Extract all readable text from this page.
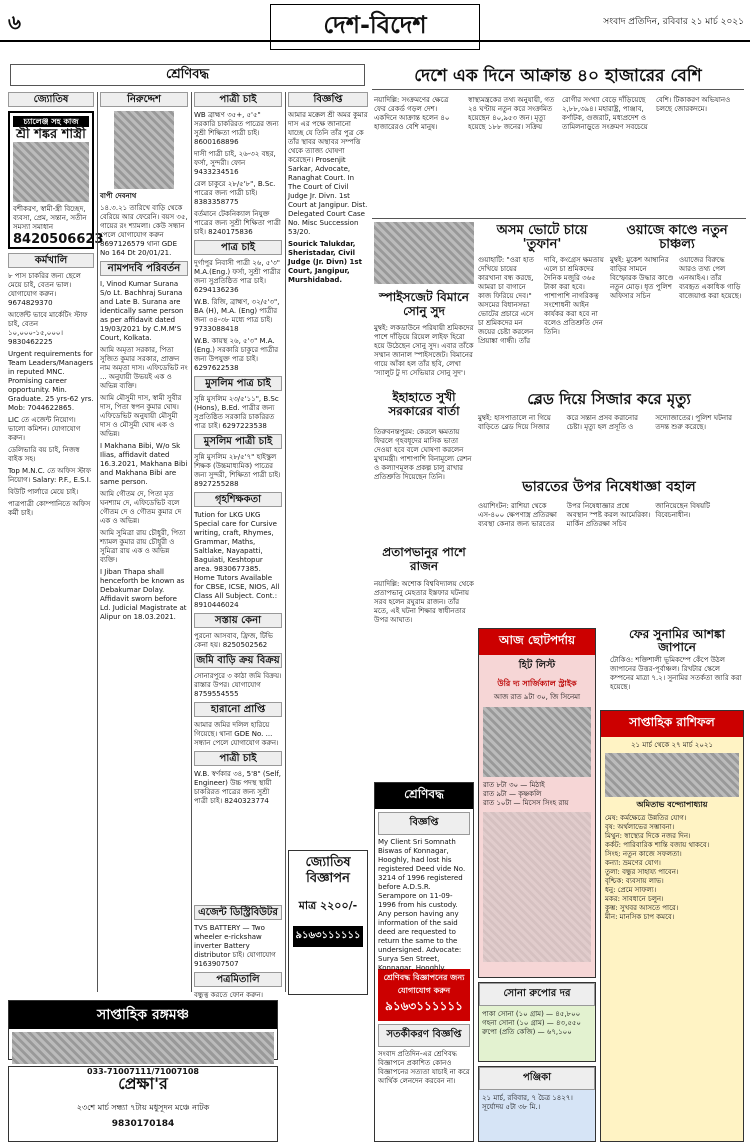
৬	দেশ-বিদেশ	সংবাদ প্রতিদিন, রবিবার ২১ মার্চ ২০২১
শ্রেণিবদ্ধ
জ্যোতিষ
চ্যালেঞ্জ সহ কাজ
শ্রী শঙ্কর শাস্ত্রী
বশীকরণ, স্বামী-স্ত্রী বিচ্ছেদ, ব্যবসা, প্রেম, সন্তান, সতীন সমস্যা সমাধান
8420506623
কর্মখালি

৮ পাস চাকরির জন্য ছেলে মেয়ে চাই, বেতন ভাল। যোগাযোগ করুন। 9674829370

আর্জেন্ট ভাবে মার্কেটিং স্টাফ চাই, বেতন ১০,০০০-১৫,০০০। 9830462225

Urgent requirements for Team Leaders/Managers in reputed MNC. Promising career opportunity. Min. Graduate. 25 yrs-62 yrs. Mob: 7044622865.

LIC তে এজেন্ট নিয়োগ। ভালো কমিশন। যোগাযোগ করুন।

ডেলিভারি বয় চাই, নিজস্ব বাইক সহ।

Top M.N.C. তে অফিস স্টাফ নিয়োগ। Salary: P.F., E.S.I.

বিউটি পার্লারে মেয়ে চাই।

পাত্রপাত্রী কোম্পানিতে অফিস কর্মী চাই।

নিরুদ্দেশ

বাপী দেবনাথ

১৪.৩.২১ তারিখে বাড়ি থেকে বেরিয়ে আর ফেরেনি। বয়স ৩৫, গায়ের রং শ্যামলা। কেউ সন্ধান পেলে যোগাযোগ করুন 8697126579 থানা GDE No 164 Dt 20/01/21.

নামপদবি পরিবর্তন

I, Vinod Kumar Surana S/o Lt. Bachhraj Surana and Late B. Surana are identically same person as per affidavit dated 19/03/2021 by C.M.M'S Court, Kolkata.

আমি অমৃতা সরকার, পিতা সুজিত কুমার সরকার, প্রাক্তন নাম অমৃতা দাস। এফিডেভিট নং ... অনুযায়ী উভয়ই এক ও অভিন্ন ব্যক্তি।

আমি মৌসুমী দাস, স্বামী সুবীর দাস, পিতা স্বপন কুমার ঘোষ। এফিডেভিট অনুযায়ী মৌসুমী দাস ও মৌসুমী ঘোষ এক ও অভিন্ন।

I Makhana Bibi, W/o Sk Ilias, affidavit dated 16.3.2021, Makhana Bibi and Makhana Bibi are same person.

আমি গৌতম দে, পিতা মৃত ঘনশ্যাম দে, এফিডেভিট বলে গৌতম দে ও গৌতম কুমার দে এক ও অভিন্ন।

আমি সুমিত্রা রায় চৌধুরী, পিতা শ্যামল কুমার রায় চৌধুরী ও সুমিত্রা রায় এক ও অভিন্ন ব্যক্তি।

I Jiban Thapa shall henceforth be known as Debakumar Dolay. Affidavit sworn before Ld. Judicial Magistrate at Alipur on 18.03.2021.

পাত্রী চাই

WB ব্রাহ্মণ ৩৫+, ৫'৫" সরকারি চাকরিরত পাত্রের জন্য সুশ্রী শিক্ষিতা পাত্রী চাই। 8600168896

দাসী পাত্রী চাই, ২৬-৩২ বছর, ফর্সা, সুন্দরী। ফোন 9433234516

রেল চাকুরে ২৮/৫'৮", B.Sc. পাত্রের জন্য পাত্রী চাই। 8383358775

বর্তমানে টেকনিক্যাল নিযুক্ত পাত্রের জন্য সুশ্রী শিক্ষিতা পাত্রী চাই। 8240175836

পাত্র চাই

দুর্গাপুর নিবাসী পাত্রী ২৬, ৫'৩" M.A.(Eng.) ফর্সা, সুশ্রী পাত্রীর জন্য সুপ্রতিষ্ঠিত পাত্র চাই। 6294136236

W.B. রিজি, ব্রাহ্মণ, ৩২/৫'৩", BA (H), M.A. (Eng) পাত্রীর জন্য ৩৪-৩৮ মধ্যে পাত্র চাই। 9733088418

W.B. কায়স্থ ২৬, ৫'৩" M.A. (Eng.) সরকারি চাকুরে পাত্রীর জন্য উপযুক্ত পাত্র চাই। 6297622538

মুসলিম পাত্র চাই

সুন্নি মুসলিম ২৩/৫'১১", B.Sc (Hons), B.Ed. পাত্রীর জন্য সুপ্রতিষ্ঠিত সরকারি চাকরিরত পাত্র চাই। 6297223538

মুসলিম পাত্রী চাই

সুন্নি মুসলিম ২৮/৫'৭" হাইস্কুল শিক্ষক (উচ্চমাধ্যমিক) পাত্রের জন্য সুন্দরী, শিক্ষিতা পাত্রী চাই। 8927255288

গৃহশিক্ষকতা

Tution for LKG UKG Special care for Cursive writing, craft, Rhymes, Grammar, Maths, Saltlake, Nayapatti, Baguiati, Keshtopur area. 9830677385. Home Tutors Available for CBSE, ICSE, NIOS, All Class All Subject. Cont.: 8910446024

সস্তায় কেনা

পুরনো আসবাব, ফ্রিজ, টিভি কেনা হয়। 8250502562

জমি বাড়ি ক্রয় বিক্রয়

সোনারপুরে ৩ কাঠা জমি বিক্রয়। রাস্তার উপর। যোগাযোগ 8759554555

হারানো প্রাপ্তি

আমার জমির দলিল হারিয়ে গিয়েছে। থানা GDE No. ... সন্ধান পেলে যোগাযোগ করুন।

পাত্রী চাই

W.B. স্বর্ণকার ৩৪, 5'8" (Self, Engineer) উচ্চ পদস্থ স্থায়ী চাকরিরত পাত্রের জন্য সুশ্রী পাত্রী চাই। 8240323774

বিজ্ঞপ্তি

আমার মক্কেল শ্রী অমর কুমার দাস এর পক্ষে জানানো যাচ্ছে যে তিনি তাঁর পুত্র কে তাঁর স্থাবর অস্থাবর সম্পত্তি থেকে ত্যাজ্য ঘোষণা করেছেন। Prosenjit Sarkar, Advocate, Ranaghat Court. In The Court of Civil Judge Jr. Divn. 1st Court at Jangipur. Dist. Delegated Court Case No. Misc Succession 53/20.

Sourick Talukdar, Sheristadar, Civil Judge (Jr. Divn) 1st Court, Jangipur, Murshidabad.

জ্যোতিষ বিজ্ঞাপন
মাত্র ২২০০/-
৯১৬৩১১১১১১
এজেন্ট ডিস্ট্রিবিউটর

TVS BATTERY — Two wheeler e-rickshaw inverter Battery distributor চাই। যোগাযোগ 9163907507

পত্রমিতালি

বন্ধুত্ব করতে ফোন করুন।

সাপ্তাহিক রঙ্গমঞ্চ
033-71007111/71007108
প্রেক্ষা'র
২৩শে মার্চ সন্ধ্যা ৭টায় মধুসূদন মঞ্চে নাটক
9830170184
দেশে এক দিনে আক্রান্ত ৪০ হাজারের বেশি
নয়াদিল্লি: সংক্রমণের ক্ষেত্রে ফের রেকর্ড গড়ল দেশ। একদিনে আক্রান্ত হলেন ৪০ হাজারেরও বেশি মানুষ। স্বাস্থ্যমন্ত্রকের তথ্য অনুযায়ী, গত ২৪ ঘণ্টায় নতুন করে সংক্রমিত হয়েছেন ৪০,৯৫৩ জন। মৃত্যু হয়েছে ১৮৮ জনের। সক্রিয় রোগীর সংখ্যা বেড়ে দাঁড়িয়েছে ২,৮৮,৩৯৪। মহারাষ্ট্র, পাঞ্জাব, কর্ণাটক, গুজরাট, মধ্যপ্রদেশ ও তামিলনাড়ুতে সংক্রমণ সবচেয়ে বেশি। টিকাকরণ অভিযানও চলছে জোরকদমে।
অসম ভোটে চায়ে 'তুফান'
গুয়াহাটি: "ওরা হাত দেখিয়ে চায়ের কারখানা বন্ধ করছে, আমরা চা বাগানে কাজ ফিরিয়ে দেব।" অসমের বিধানসভা ভোটের প্রচারে এসে চা শ্রমিকদের মন জয়ের চেষ্টা করলেন প্রিয়াঙ্কা গান্ধী। তাঁর দাবি, কংগ্রেস ক্ষমতায় এলে চা শ্রমিকদের দৈনিক মজুরি ৩৬৫ টাকা করা হবে। পাশাপাশি নাগরিকত্ব সংশোধনী আইন কার্যকর করা হবে না বলেও প্রতিশ্রুতি দেন তিনি।
স্পাইসজেট বিমানে সোনু সুদ
মুম্বই: লকডাউনে পরিযায়ী শ্রমিকদের পাশে দাঁড়িয়ে রিয়েল লাইফ হিরো হয়ে উঠেছেন সোনু সুদ। এবার তাঁকে সম্মান জানাল স্পাইসজেট। বিমানের গায়ে আঁকা হল তাঁর ছবি, লেখা 'স্যালুট টু দ্য সেভিয়ার সোনু সুদ'।
ইহাহাতে সুখী সরকারের বার্তা
তিরুবনন্তপুরম: কেরলে ক্ষমতায় ফিরলে গৃহবধূদের মাসিক ভাতা দেওয়া হবে বলে ঘোষণা করলেন মুখ্যমন্ত্রী। পাশাপাশি বিনামূল্যে রেশন ও কল্যাণমূলক প্রকল্প চালু রাখার প্রতিশ্রুতি দিয়েছেন তিনি।
প্রতাপভানুর পাশে রাজন
নয়াদিল্লি: অশোক বিশ্ববিদ্যালয় থেকে প্রতাপভানু মেহতার ইস্তফার ঘটনায় সরব হলেন রঘুরাম রাজন। তাঁর মতে, এই ঘটনা শিক্ষার স্বাধীনতার উপর আঘাত।
ব্লেড দিয়ে সিজার করে মৃত্যু
মুম্বই: হাসপাতালে না গিয়ে বাড়িতে ব্লেড দিয়ে সিজার করে সন্তান প্রসব করানোর চেষ্টা। মৃত্যু হল প্রসূতি ও সদ্যোজাতের। পুলিশ ঘটনার তদন্ত শুরু করেছে।
ভারতের উপর নিষেধাজ্ঞা বহাল
ওয়াশিংটন: রাশিয়া থেকে এস-৪০০ ক্ষেপণাস্ত্র প্রতিরক্ষা ব্যবস্থা কেনার জন্য ভারতের উপর নিষেধাজ্ঞার প্রশ্নে অবস্থান স্পষ্ট করল আমেরিকা। মার্কিন প্রতিরক্ষা সচিব জানিয়েছেন বিষয়টি বিবেচনাধীন।
ওয়াজে কাণ্ডে নতুন চাঞ্চল্য
মুম্বই: মুকেশ আম্বানির বাড়ির সামনে বিস্ফোরক উদ্ধার কাণ্ডে নতুন মোড়। ধৃত পুলিশ অফিসার সচিন ওয়াজের বিরুদ্ধে আরও তথ্য পেল এনআইএ। তাঁর ব্যবহৃত একাধিক গাড়ি বাজেয়াপ্ত করা হয়েছে।
আজ ছোটপর্দায়
হিট লিস্ট
উরি দ্য সার্জিক্যাল স্ট্রাইক
আজ রাত ৯টা ৩০, জি সিনেমা

রাত ৮টা ৩০ — মিঠাই

রাত ৯টা — কৃষ্ণকলি

রাত ১০টা — মিসেস সিংহ রায়

সাপ্তাহিক রাশিফল
২১ মার্চ থেকে ২৭ মার্চ ২০২১
অমিতাভ বন্দ্যোপাধ্যায়

মেষ: কর্মক্ষেত্রে উন্নতির যোগ।

বৃষ: অর্থলাভের সম্ভাবনা।

মিথুন: স্বাস্থ্যের দিকে নজর দিন।

কর্কট: পারিবারিক শান্তি বজায় থাকবে।

সিংহ: নতুন কাজে সফলতা।

কন্যা: ভ্রমণের যোগ।

তুলা: বন্ধুর সাহায্য পাবেন।

বৃশ্চিক: ব্যবসায় লাভ।

ধনু: প্রেমে সাফল্য।

মকর: সাবধানে চলুন।

কুম্ভ: সুখবর আসতে পারে।

মীন: মানসিক চাপ কমবে।

ফের সুনামির আশঙ্কা জাপানে
টোকিও: শক্তিশালী ভূমিকম্পে কেঁপে উঠল জাপানের উত্তর-পূর্বাঞ্চল। রিখটার স্কেলে কম্পনের মাত্রা ৭.২। সুনামির সতর্কতা জারি করা হয়েছে।
শ্রেণিবদ্ধ
বিজ্ঞপ্তি
My Client Sri Somnath Biswas of Konnagar, Hooghly, had lost his registered Deed vide No. 3214 of 1996 registered before A.D.S.R. Serampore on 11-09-1996 from his custody. Any person having any information of the said deed are requested to return the same to the undersigned. Advocate: Surya Sen Street, Konnagar, Hooghly.
শ্রেণিবদ্ধ বিজ্ঞাপনের জন্য যোগাযোগ করুন
৯১৬৩১১১১১১
সতর্কীকরণ বিজ্ঞপ্তি
সংবাদ প্রতিদিন-এর শ্রেণিবদ্ধ বিজ্ঞাপনে প্রকাশিত কোনও বিজ্ঞাপনের সত্যতা যাচাই না করে আর্থিক লেনদেন করবেন না।
সোনা রুপোর দর

পাকা সোনা (১০ গ্রাম) — ৪৫,৮০০

গহনা সোনা (১০ গ্রাম) — ৪৩,৫৫০

রুপো (প্রতি কেজি) — ৬৭,১০০

পঞ্জিকা
২১ মার্চ, রবিবার, ৭ চৈত্র ১৪২৭। সূর্যোদয় ৫টা ৩৮ মি.।
